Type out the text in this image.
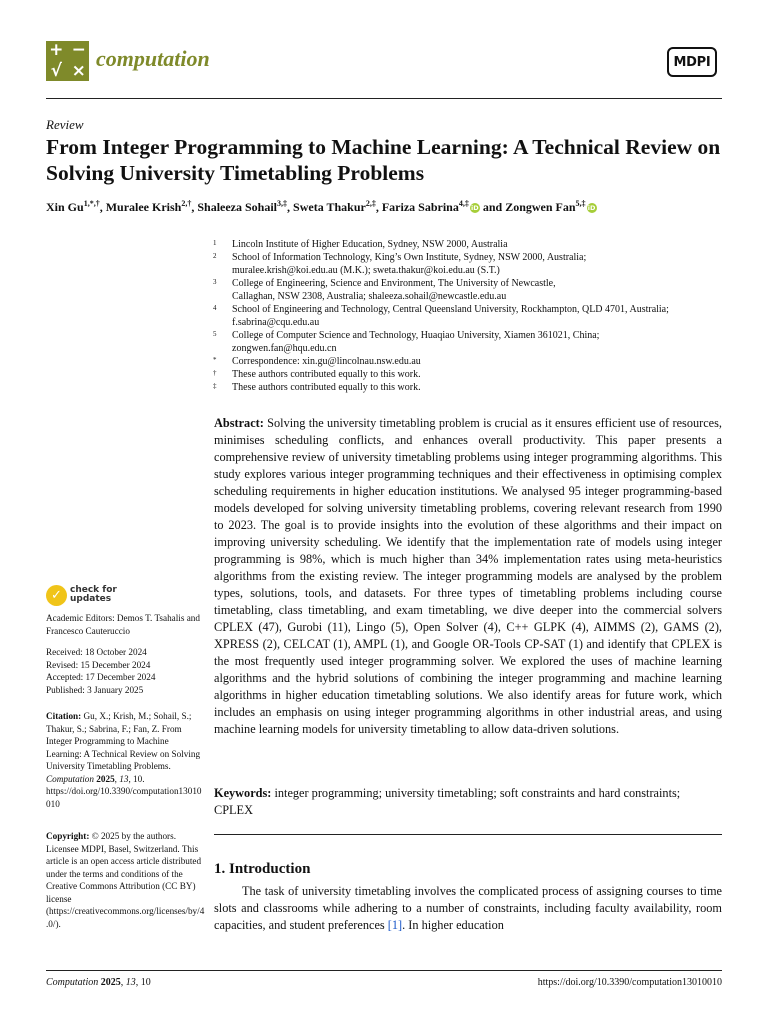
+ −
√ × computation	MDPI
Review
From Integer Programming to Machine Learning: A Technical Review on Solving University Timetabling Problems
Xin $Gu^{1,*,\dagger}$, Muralee Krish$^{2,\dagger}$, Shaleeza Sohail$^{3,\ddagger}$, Sweta Thakur$^{2,\ddagger}$, Fariza Sabrina$^{4,\ddagger}$iD and Zongwen Fan$^{5,\ddagger}$iD
1	Lincoln Institute of Higher Education, Sydney, NSW 2000, Australia
2	School of Information Technology, King’s Own Institute, Sydney, NSW 2000, Australia;
muralee.krish@koi.edu.au (M.K.); sweta.thakur@koi.edu.au (S.T.)
3	College of Engineering, Science and Environment, The University of Newcastle,
Callaghan, NSW 2308, Australia; shaleeza.sohail@newcastle.edu.au
4	School of Engineering and Technology, Central Queensland University, Rockhampton, QLD 4701, Australia;
f.sabrina@cqu.edu.au
5	College of Computer Science and Technology, Huaqiao University, Xiamen 361021, China;
zongwen.fan@hqu.edu.cn
*	Correspondence: xin.gu@lincolnau.nsw.edu.au
†	These authors contributed equally to this work.
‡	These authors contributed equally to this work.
Abstract: Solving the university timetabling problem is crucial as it ensures efficient use of resources, minimises scheduling conflicts, and enhances overall productivity. This paper presents a comprehensive review of university timetabling problems using integer programming algorithms. This study explores various integer programming techniques and their effectiveness in optimising complex scheduling requirements in higher education institutions. We analysed 95 integer programming-based models developed for solving university timetabling problems, covering relevant research from 1990 to 2023. The goal is to provide insights into the evolution of these algorithms and their impact on improving university scheduling. We identify that the implementation rate of models using integer programming is 98%, which is much higher than 34% implementation rates using meta-heuristics algorithms from the existing review. The integer programming models are analysed by the problem types, solutions, tools, and datasets. For three types of timetabling problems including course timetabling, class timetabling, and exam timetabling, we dive deeper into the commercial solvers CPLEX (47), Gurobi (11), Lingo (5), Open Solver (4), C++ GLPK (4), AIMMS (2), GAMS (2), XPRESS (2), CELCAT (1), AMPL (1), and Google OR-Tools CP-SAT (1) and identify that CPLEX is the most frequently used integer programming solver. We explored the uses of machine learning algorithms and the hybrid solutions of combining the integer programming and machine learning algorithms in higher education timetabling solutions. We also identify areas for future work, which includes an emphasis on using integer programming algorithms in other industrial areas, and using machine learning models for university timetabling to allow data-driven solutions.
Keywords: integer programming; university timetabling; soft constraints and hard constraints; CPLEX
1. Introduction
The task of university timetabling involves the complicated process of assigning courses to time slots and classrooms while adhering to a number of constraints, including faculty availability, room capacities, and student preferences [1]. In higher education
✓ check for
updates
Academic Editors: Demos T. Tsahalis and Francesco Cauteruccio
Received: 18 October 2024
Revised: 15 December 2024
Accepted: 17 December 2024
Published: 3 January 2025
Citation: Gu, X.; Krish, M.; Sohail, S.; Thakur, S.; Sabrina, F.; Fan, Z. From Integer Programming to Machine Learning: A Technical Review on Solving University Timetabling Problems. Computation 2025, 13, 10. https://doi.org/10.3390/computation13010010
Copyright: © 2025 by the authors. Licensee MDPI, Basel, Switzerland. This article is an open access article distributed under the terms and conditions of the Creative Commons Attribution (CC BY) license (https://creativecommons.org/licenses/by/4.0/).
Computation 2025, 13, 10	https://doi.org/10.3390/computation13010010
